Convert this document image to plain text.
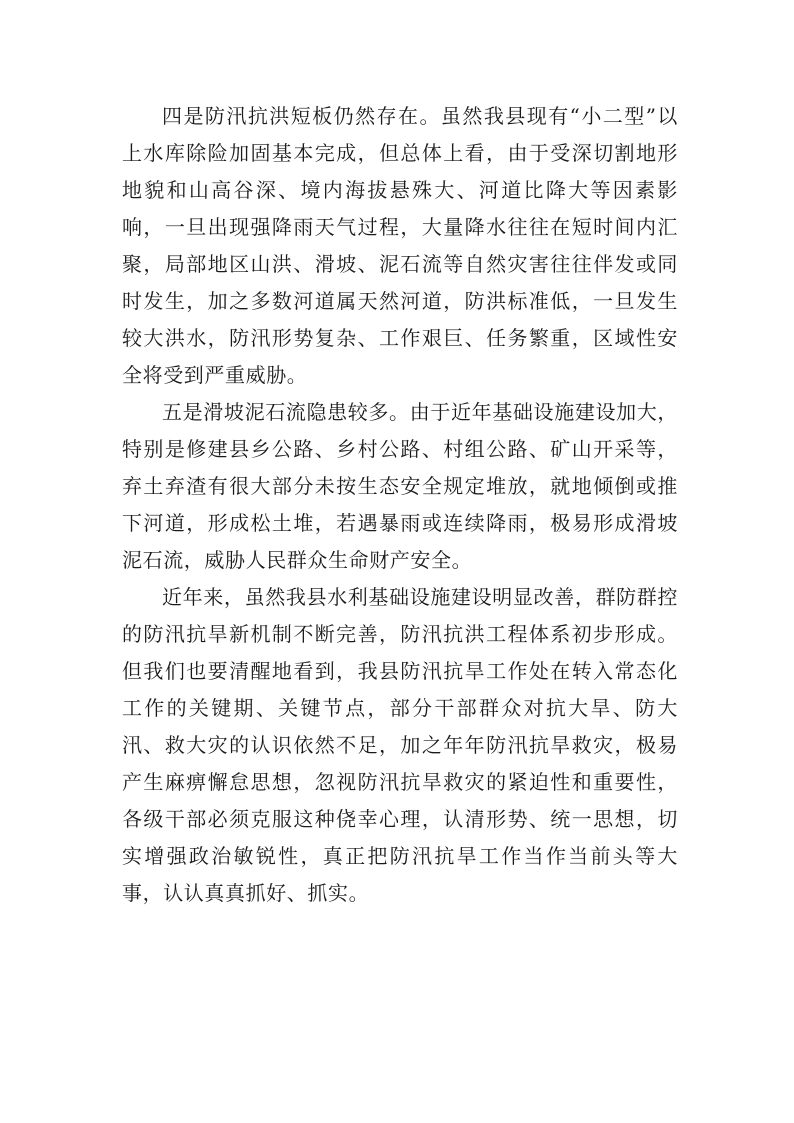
四是防汛抗洪短板仍然存在。虽然我县现有“小二型”以上水库除险加固基本完成，但总体上看，由于受深切割地形地貌和山高谷深、境内海拔悬殊大、河道比降大等因素影响，一旦出现强降雨天气过程，大量降水往往在短时间内汇聚，局部地区山洪、滑坡、泥石流等自然灾害往往伴发或同时发生，加之多数河道属天然河道，防洪标准低，一旦发生较大洪水，防汛形势复杂、工作艰巨、任务繁重，区域性安全将受到严重威胁。

五是滑坡泥石流隐患较多。由于近年基础设施建设加大，特别是修建县乡公路、乡村公路、村组公路、矿山开采等，弃土弃渣有很大部分未按生态安全规定堆放，就地倾倒或推下河道，形成松土堆，若遇暴雨或连续降雨，极易形成滑坡泥石流，威胁人民群众生命财产安全。

近年来，虽然我县水利基础设施建设明显改善，群防群控的防汛抗旱新机制不断完善，防汛抗洪工程体系初步形成。但我们也要清醒地看到，我县防汛抗旱工作处在转入常态化工作的关键期、关键节点，部分干部群众对抗大旱、防大汛、救大灾的认识依然不足，加之年年防汛抗旱救灾，极易产生麻痹懈怠思想，忽视防汛抗旱救灾的紧迫性和重要性，各级干部必须克服这种侥幸心理，认清形势、统一思想，切实增强政治敏锐性，真正把防汛抗旱工作当作当前头等大事，认认真真抓好、抓实。
